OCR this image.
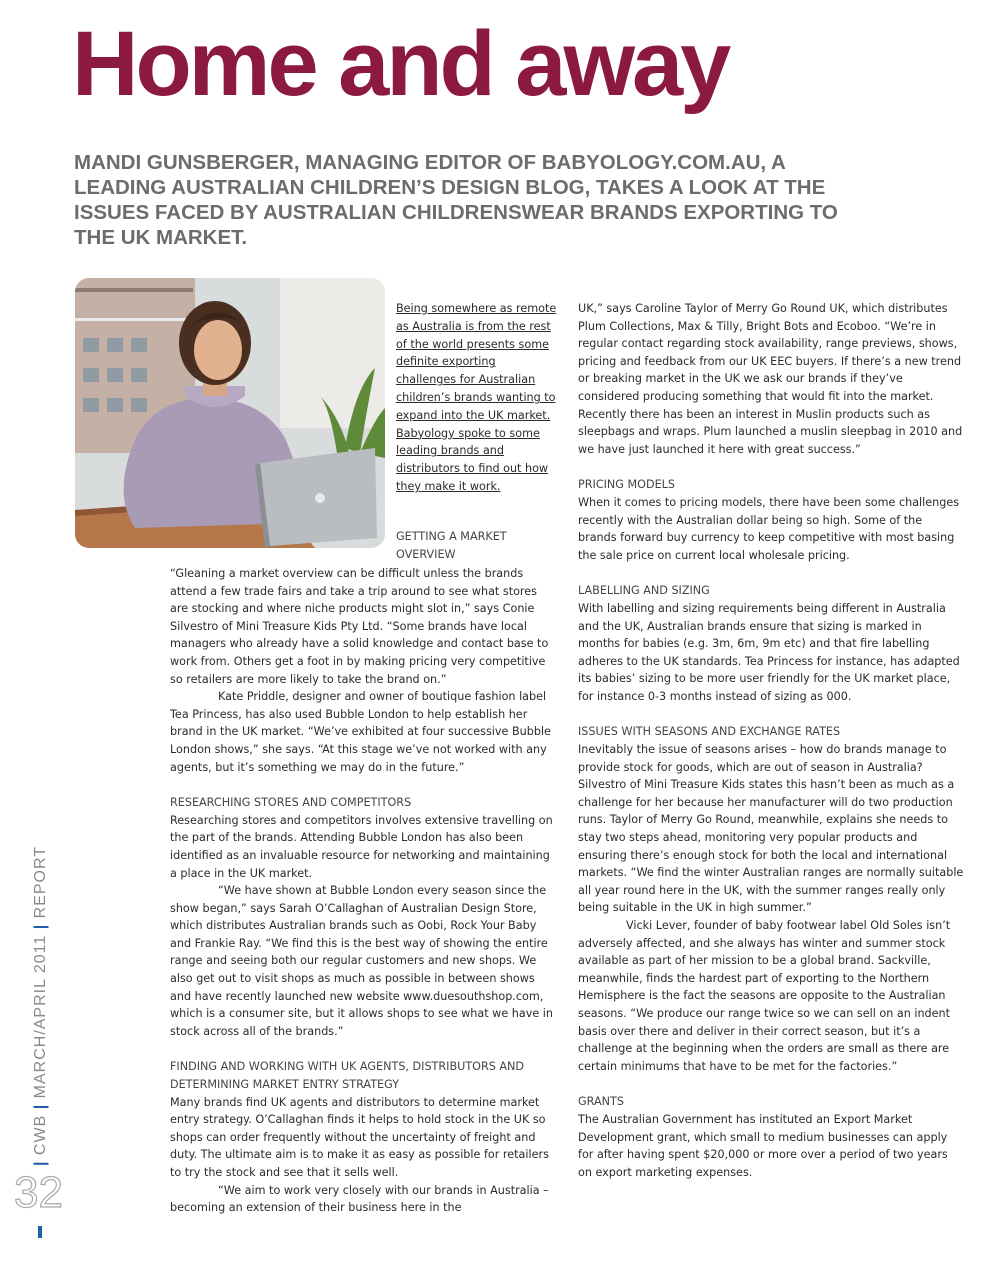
Home and away

MANDI GUNSBERGER, MANAGING EDITOR OF BABYOLOGY.COM.AU, A LEADING AUSTRALIAN CHILDREN’S DESIGN BLOG, TAKES A LOOK AT THE ISSUES FACED BY AUSTRALIAN CHILDRENSWEAR BRANDS EXPORTING TO THE UK MARKET.

Being somewhere as remote as Australia is from the rest of the world presents some definite exporting challenges for Australian children’s brands wanting to expand into the UK market. Babyology spoke to some leading brands and distributors to find out how they make it work.

GETTING A MARKET OVERVIEW

“Gleaning a market overview can be difficult unless the brands attend a few trade fairs and take a trip around to see what stores are stocking and where niche products might slot in,” says Conie Silvestro of Mini Treasure Kids Pty Ltd. “Some brands have local managers who already have a solid knowledge and contact base to work from. Others get a foot in by making pricing very competitive so retailers are more likely to take the brand on.”

Kate Priddle, designer and owner of boutique fashion label Tea Princess, has also used Bubble London to help establish her brand in the UK market. “We’ve exhibited at four successive Bubble London shows,” she says. “At this stage we’ve not worked with any agents, but it’s something we may do in the future.”

RESEARCHING STORES AND COMPETITORS

Researching stores and competitors involves extensive travelling on the part of the brands. Attending Bubble London has also been identified as an invaluable resource for networking and maintaining a place in the UK market.

“We have shown at Bubble London every season since the show began,” says Sarah O’Callaghan of Australian Design Store, which distributes Australian brands such as Oobi, Rock Your Baby and Frankie Ray. “We find this is the best way of showing the entire range and seeing both our regular customers and new shops. We also get out to visit shops as much as possible in between shows and have recently launched new website www.duesouthshop.com, which is a consumer site, but it allows shops to see what we have in stock across all of the brands.”

FINDING AND WORKING WITH UK AGENTS, DISTRIBUTORS AND DETERMINING MARKET ENTRY STRATEGY

Many brands find UK agents and distributors to determine market entry strategy. O’Callaghan finds it helps to hold stock in the UK so shops can order frequently without the uncertainty of freight and duty. The ultimate aim is to make it as easy as possible for retailers to try the stock and see that it sells well.

“We aim to work very closely with our brands in Australia – becoming an extension of their business here in the

UK,” says Caroline Taylor of Merry Go Round UK, which distributes Plum Collections, Max & Tilly, Bright Bots and Ecoboo. “We’re in regular contact regarding stock availability, range previews, shows, pricing and feedback from our UK EEC buyers. If there’s a new trend or breaking market in the UK we ask our brands if they’ve considered producing something that would fit into the market. Recently there has been an interest in Muslin products such as sleepbags and wraps. Plum launched a muslin sleepbag in 2010 and we have just launched it here with great success.”

PRICING MODELS

When it comes to pricing models, there have been some challenges recently with the Australian dollar being so high. Some of the brands forward buy currency to keep competitive with most basing the sale price on current local wholesale pricing.

LABELLING AND SIZING

With labelling and sizing requirements being different in Australia and the UK, Australian brands ensure that sizing is marked in months for babies (e.g. 3m, 6m, 9m etc) and that fire labelling adheres to the UK standards. Tea Princess for instance, has adapted its babies’ sizing to be more user friendly for the UK market place, for instance 0-3 months instead of sizing as 000.

ISSUES WITH SEASONS AND EXCHANGE RATES

Inevitably the issue of seasons arises – how do brands manage to provide stock for goods, which are out of season in Australia? Silvestro of Mini Treasure Kids states this hasn’t been as much as a challenge for her because her manufacturer will do two production runs. Taylor of Merry Go Round, meanwhile, explains she needs to stay two steps ahead, monitoring very popular products and ensuring there’s enough stock for both the local and international markets. “We find the winter Australian ranges are normally suitable all year round here in the UK, with the summer ranges really only being suitable in the UK in high summer.”

Vicki Lever, founder of baby footwear label Old Soles isn’t adversely affected, and she always has winter and summer stock available as part of her mission to be a global brand. Sackville, meanwhile, finds the hardest part of exporting to the Northern Hemisphere is the fact the seasons are opposite to the Australian seasons. “We produce our range twice so we can sell on an indent basis over there and deliver in their correct season, but it’s a challenge at the beginning when the orders are small as there are certain minimums that have to be met for the factories.”

GRANTS

The Australian Government has instituted an Export Market Development grant, which small to medium businesses can apply for after having spent $20,000 or more over a period of two years on export marketing expenses.

| CWB | MARCH/APRIL 2011 | REPORT

32
